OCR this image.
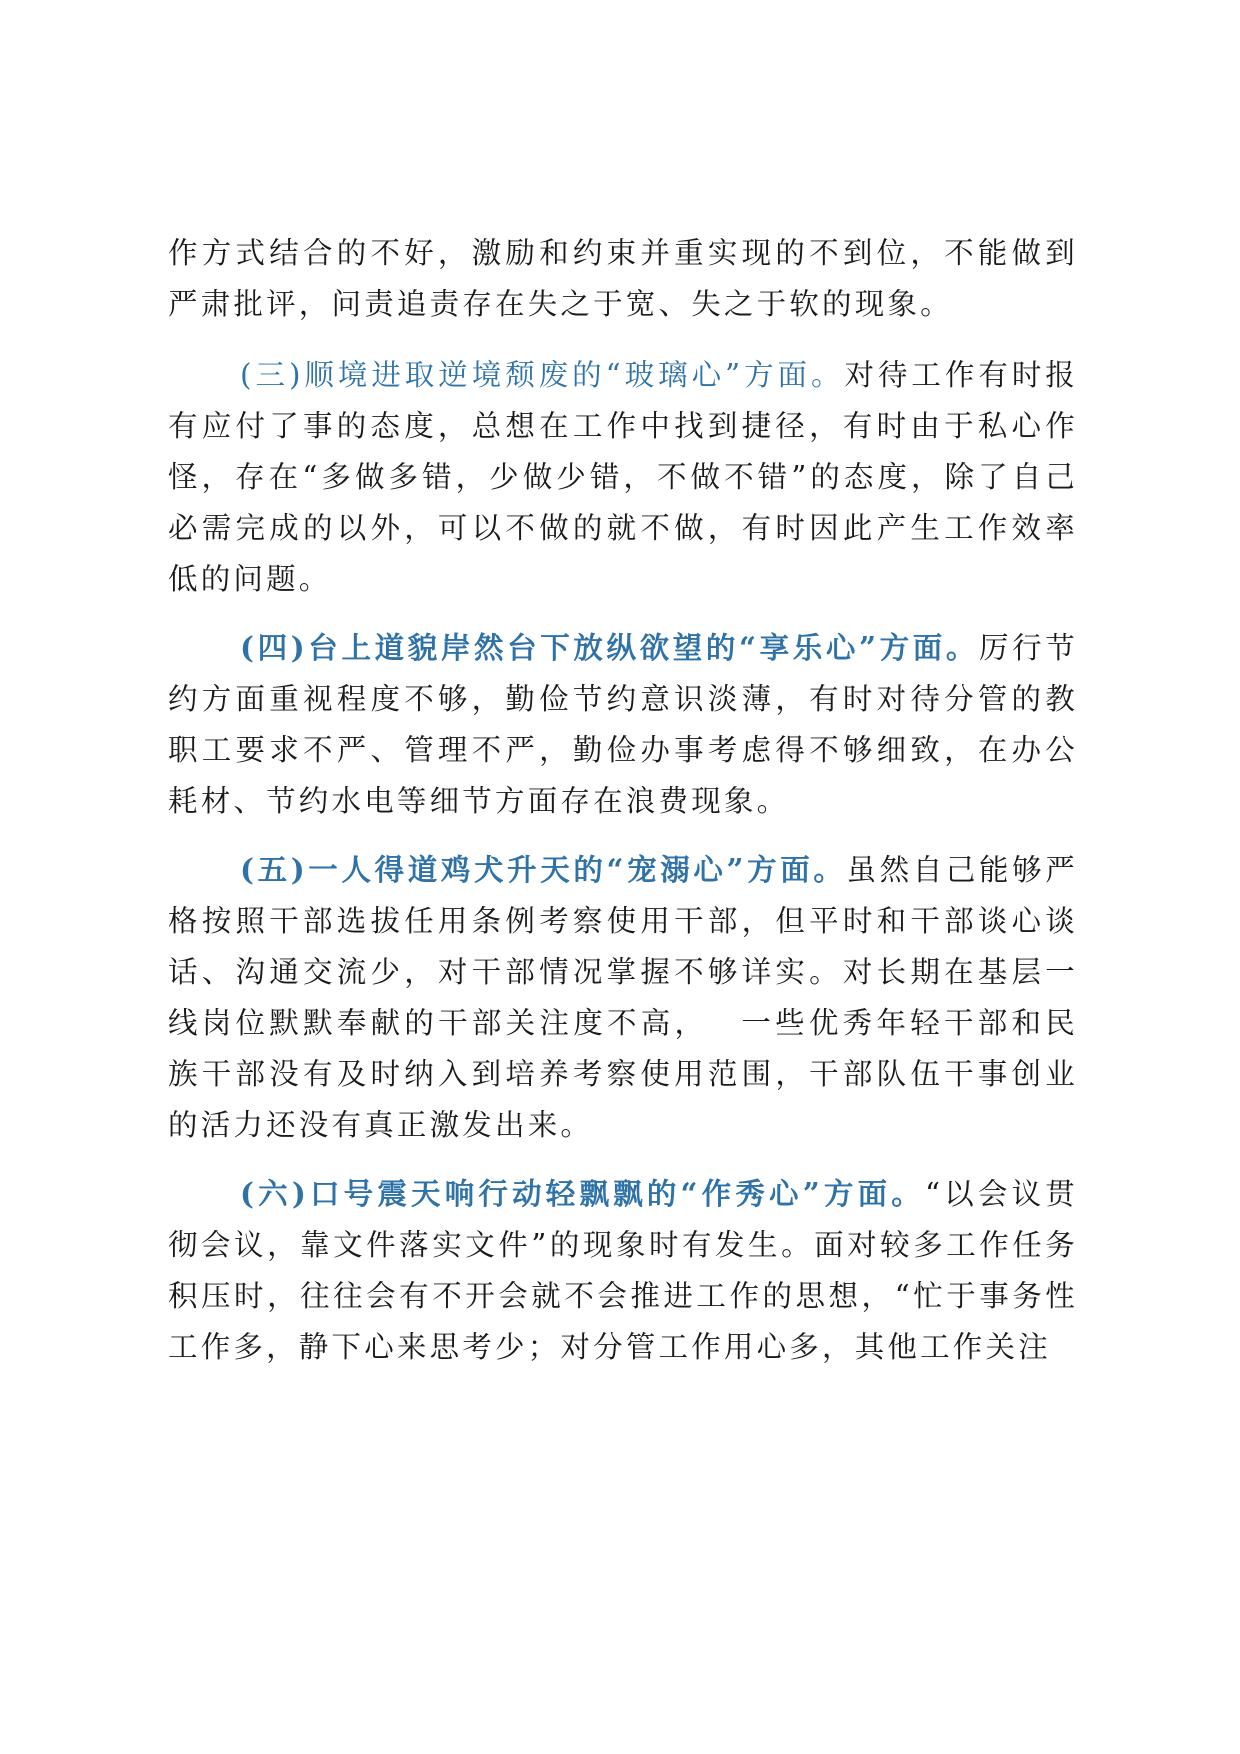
作方式结合的不好，激励和约束并重实现的不到位，不能做到严肃批评，问责追责存在失之于宽、失之于软的现象。

(三)顺境进取逆境颓废的“玻璃心”方面。对待工作有时报有应付了事的态度，总想在工作中找到捷径，有时由于私心作怪，存在“多做多错，少做少错，不做不错”的态度，除了自己必需完成的以外，可以不做的就不做，有时因此产生工作效率低的问题。

(四)台上道貌岸然台下放纵欲望的“享乐心”方面。厉行节约方面重视程度不够，勤俭节约意识淡薄，有时对待分管的教职工要求不严、管理不严，勤俭办事考虑得不够细致，在办公耗材、节约水电等细节方面存在浪费现象。

(五)一人得道鸡犬升天的“宠溺心”方面。虽然自己能够严格按照干部选拔任用条例考察使用干部，但平时和干部谈心谈话、沟通交流少，对干部情况掌握不够详实。对长期在基层一线岗位默默奉献的干部关注度不高， 一些优秀年轻干部和民族干部没有及时纳入到培养考察使用范围，干部队伍干事创业的活力还没有真正激发出来。

(六)口号震天响行动轻飘飘的“作秀心”方面。“以会议贯彻会议，靠文件落实文件”的现象时有发生。面对较多工作任务积压时，往往会有不开会就不会推进工作的思想，“忙于事务性工作多，静下心来思考少；对分管工作用心多，其他工作关注
